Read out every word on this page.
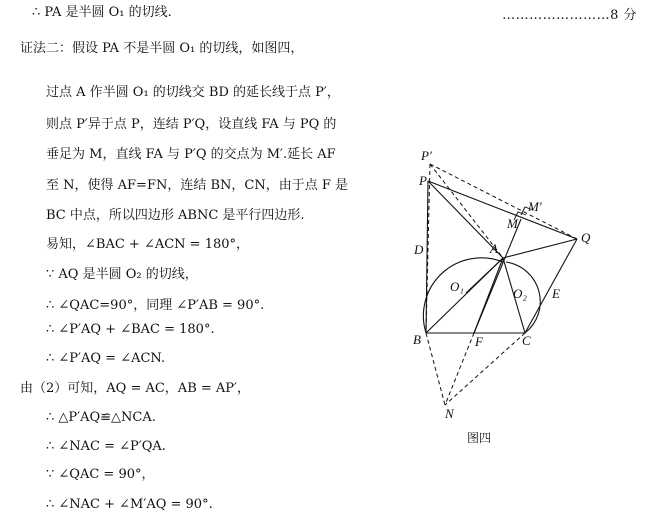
∴ PA 是半圆 O₁ 的切线.
证法二：假设 PA 不是半圆 O₁ 的切线，如图四，
过点 A 作半圆 O₁ 的切线交 BD 的延长线于点 P′，
则点 P′异于点 P，连结 P′Q，设直线 FA 与 PQ 的
垂足为 M，直线 FA 与 P′Q 的交点为 M′.延长 AF
至 N，使得 AF=FN，连结 BN，CN，由于点 F 是
BC 中点，所以四边形 ABNC 是平行四边形.
易知，∠BAC + ∠ACN = 180°，
∵ AQ 是半圆 O₂ 的切线，
∴ ∠QAC=90°，同理 ∠P′AB = 90°.
∴ ∠P′AQ + ∠BAC = 180°.
∴ ∠P′AQ = ∠ACN.
由（2）可知，AQ = AC，AB = AP′，
∴ △P′AQ≌△NCA.
∴ ∠NAC = ∠P′QA.
∵ ∠QAC = 90°，
∴ ∠NAC + ∠M′AQ = 90°.
……………………8 分
P′
P
M′
M
Q
D	A
O₁	O₂ E
B	F	C
N
图四
